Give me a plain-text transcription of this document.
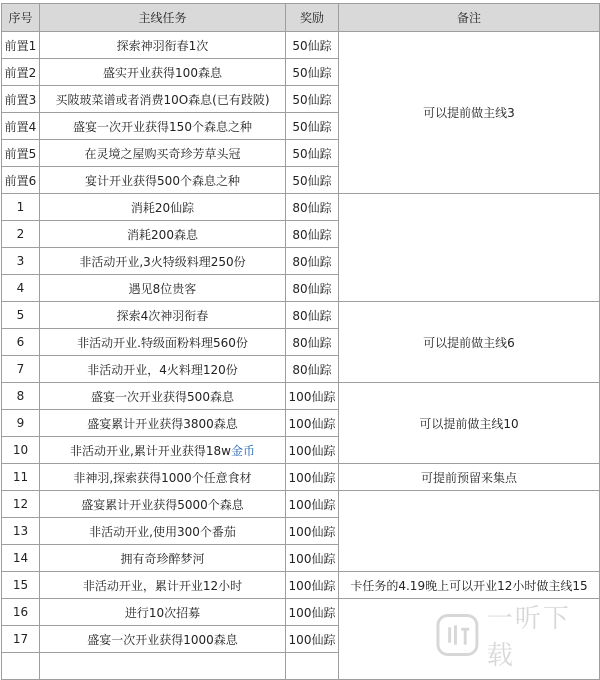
序号	主线任务	奖励	备注
前置1	探索神羽衔春1次	50仙踪	可以提前做主线3
前置2	盛实开业获得100森息	50仙踪	
前置3	买陂玻菜谱或者消费10O森息(已有跂陂)	50仙踪	
前置4	盛宴一次开业获得150个森息之种	50仙踪	
前置5	在灵境之屋购买奇珍芳草头冠	50仙踪	
前置6	宴计开业获得500个森息之种	50仙踪	
1	消耗20仙踪	80仙踪	
2	消耗200森息	80仙踪	
3	非活动开业,3火特级料理250份	80仙踪	
4	遇见8位贵客	80仙踪	
5	探索4次神羽衔春	80仙踪	可以提前做主线6
6	非活动开业.特级面粉料理560份	80仙踪	
7	非活动开业，4火料理120份	80仙踪	
8	盛宴一次开业获得500森息	100仙踪	可以提前做主线10
9	盛宴累计开业获得3800森息	100仙踪	
10	非活动开业,累计开业获得18w金币	100仙踪	
11	非神羽,探索获得1000个任意食材	100仙踪	可提前预留来集点
12	盛宴累计开业获得5000个森息	100仙踪	
13	非活动开业,使用300个番茄	100仙踪	
14	拥有奇珍醉梦河	100仙踪	
15	非活动开业，累计开业12小时	100仙踪	卡任务的4.19晚上可以开业12小时做主线15
16	进行10次招募	100仙踪	
17	盛宴一次开业获得1000森息	100仙踪	

一听下载
